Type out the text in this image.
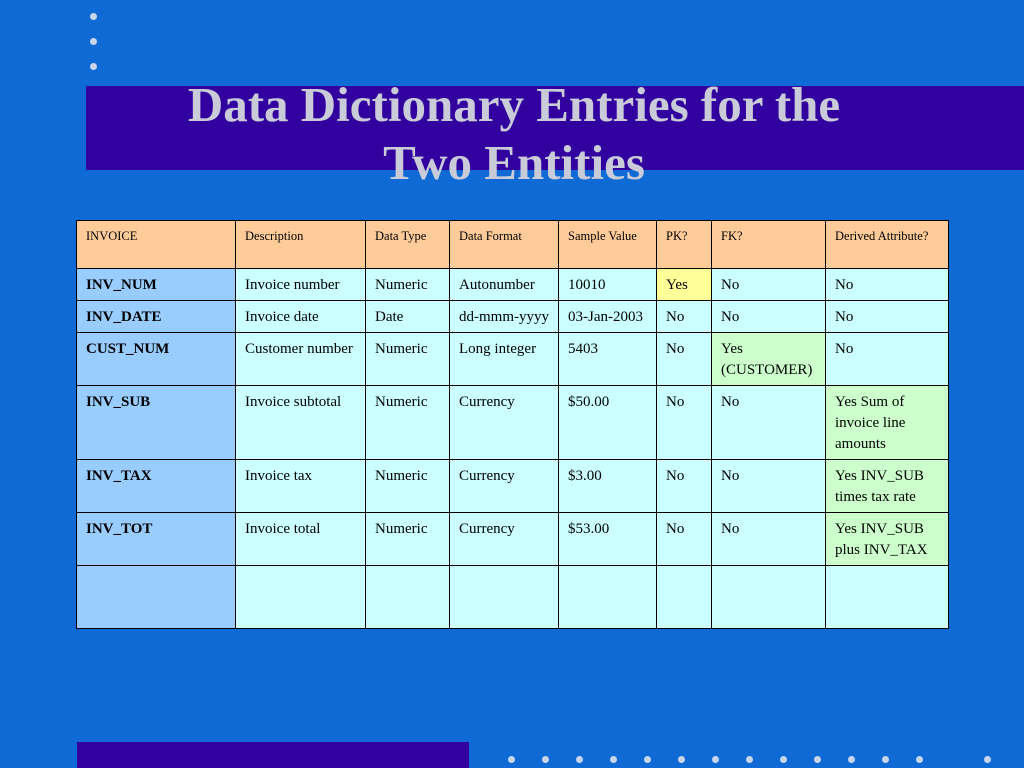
Data Dictionary Entries for the
Two Entities
INVOICE	Description	Data Type	Data Format	Sample Value	PK?	FK?	Derived Attribute?
INV_NUM	Invoice number	Numeric	Autonumber	10010	Yes	No	No
INV_DATE	Invoice date	Date	dd-mmm-yyyy	03-Jan-2003	No	No	No
CUST_NUM	Customer number	Numeric	Long integer	5403	No	Yes (CUSTOMER)	No
INV_SUB	Invoice subtotal	Numeric	Currency	$50.00	No	No	Yes Sum of invoice line amounts
INV_TAX	Invoice tax	Numeric	Currency	$3.00	No	No	Yes INV_SUB times tax rate
INV_TOT	Invoice total	Numeric	Currency	$53.00	No	No	Yes INV_SUB plus INV_TAX
